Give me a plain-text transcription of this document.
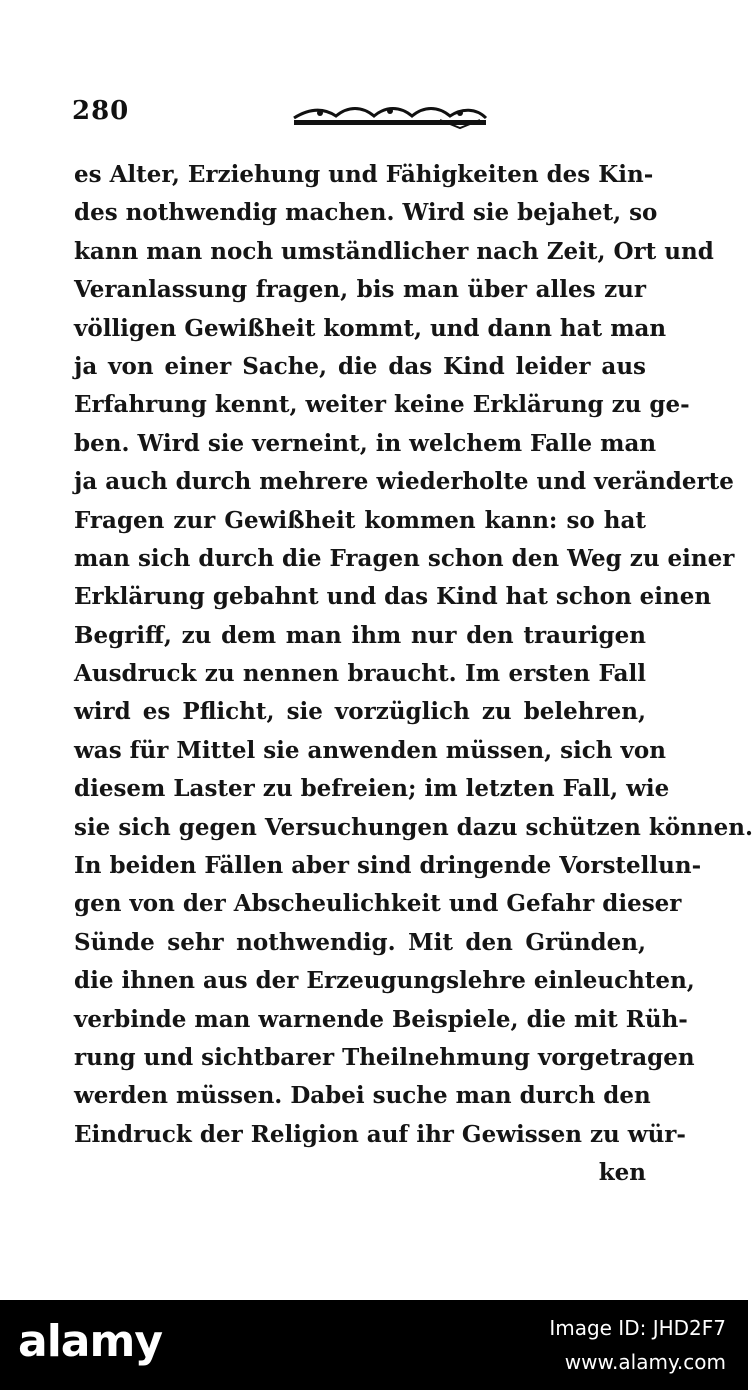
280
es Alter, Erziehung und Fähigkeiten des Kin-
des nothwendig machen. Wird sie bejahet, so
kann man noch umständlicher nach Zeit, Ort und
Veranlassung fragen, bis man über alles zur
völligen Gewißheit kommt, und dann hat man
ja von einer Sache, die das Kind leider aus
Erfahrung kennt, weiter keine Erklärung zu ge-
ben. Wird sie verneint, in welchem Falle man
ja auch durch mehrere wiederholte und veränderte
Fragen zur Gewißheit kommen kann: so hat
man sich durch die Fragen schon den Weg zu einer
Erklärung gebahnt und das Kind hat schon einen
Begriff, zu dem man ihm nur den traurigen
Ausdruck zu nennen braucht. Im ersten Fall
wird es Pflicht, sie vorzüglich zu belehren,
was für Mittel sie anwenden müssen, sich von
diesem Laster zu befreien; im letzten Fall, wie
sie sich gegen Versuchungen dazu schützen können.
In beiden Fällen aber sind dringende Vorstellun-
gen von der Abscheulichkeit und Gefahr dieser
Sünde sehr nothwendig. Mit den Gründen,
die ihnen aus der Erzeugungslehre einleuchten,
verbinde man warnende Beispiele, die mit Rüh-
rung und sichtbarer Theilnehmung vorgetragen
werden müssen. Dabei suche man durch den
Eindruck der Religion auf ihr Gewissen zu wür-
ken
alamy	Image ID: JHD2F7
www.alamy.com
